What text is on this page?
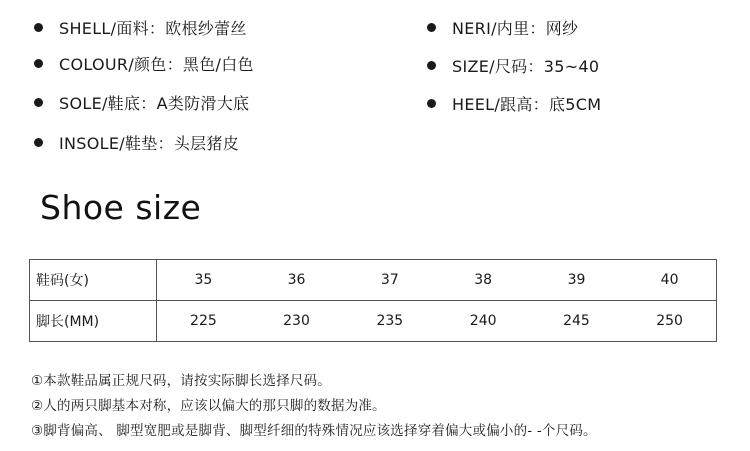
SHELL/面料：欧根纱蕾丝	NERI/内里：网纱
COLOUR/颜色：黑色/白色	SIZE/尺码：35~40
SOLE/鞋底：A类防滑大底	HEEL/跟高：底5CM
INSOLE/鞋垫：头层猪皮
Shoe size
鞋码(女)	35	36	37	38	39	40
脚长(MM)	225	230	235	240	245	250
①本款鞋品属正规尺码，请按实际脚长选择尺码。
②人的两只脚基本对称，应该以偏大的那只脚的数据为准。
③脚背偏高、 脚型宽肥或是脚背、脚型纤细的特殊情况应该选择穿着偏大或偏小的- -个尺码。
